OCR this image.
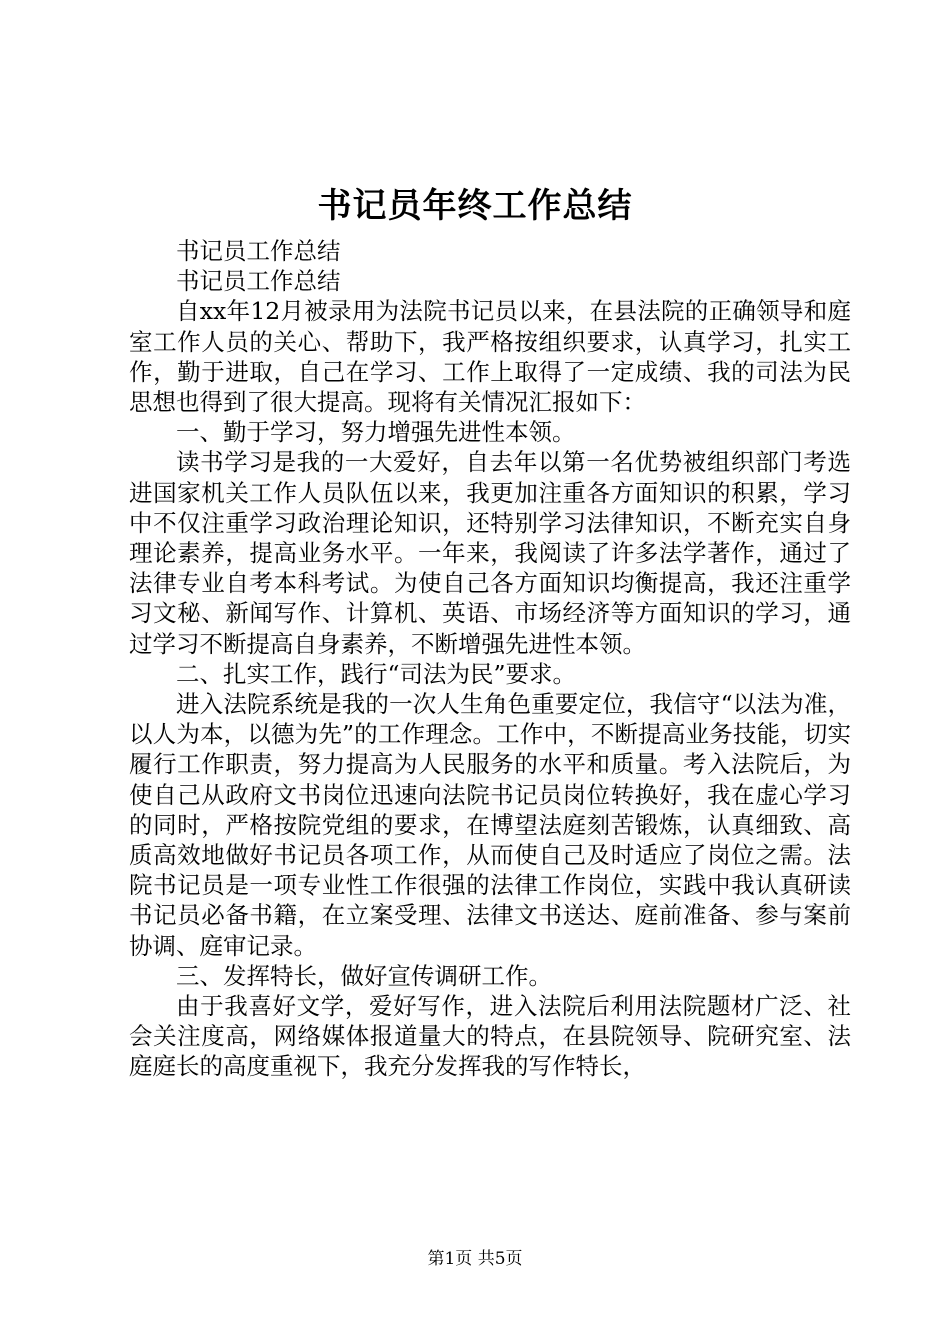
书记员年终工作总结

书记员工作总结

书记员工作总结

自xx年12月被录用为法院书记员以来，在县法院的正确领导和庭室工作人员的关心、帮助下，我严格按组织要求，认真学习，扎实工作，勤于进取，自己在学习、工作上取得了一定成绩、我的司法为民思想也得到了很大提高。现将有关情况汇报如下：

一、勤于学习，努力增强先进性本领。

读书学习是我的一大爱好，自去年以第一名优势被组织部门考选进国家机关工作人员队伍以来，我更加注重各方面知识的积累，学习中不仅注重学习政治理论知识，还特别学习法律知识，不断充实自身理论素养，提高业务水平。一年来，我阅读了许多法学著作，通过了法律专业自考本科考试。为使自己各方面知识均衡提高，我还注重学习文秘、新闻写作、计算机、英语、市场经济等方面知识的学习，通过学习不断提高自身素养，不断增强先进性本领。

二、扎实工作，践行“司法为民”要求。

进入法院系统是我的一次人生角色重要定位，我信守“以法为准，以人为本，以德为先”的工作理念。工作中，不断提高业务技能，切实履行工作职责，努力提高为人民服务的水平和质量。考入法院后，为使自己从政府文书岗位迅速向法院书记员岗位转换好，我在虚心学习的同时，严格按院党组的要求，在博望法庭刻苦锻炼，认真细致、高质高效地做好书记员各项工作，从而使自己及时适应了岗位之需。法院书记员是一项专业性工作很强的法律工作岗位，实践中我认真研读书记员必备书籍，在立案受理、法律文书送达、庭前准备、参与案前协调、庭审记录。

三、发挥特长，做好宣传调研工作。

由于我喜好文学，爱好写作，进入法院后利用法院题材广泛、社会关注度高，网络媒体报道量大的特点，在县院领导、院研究室、法庭庭长的高度重视下，我充分发挥我的写作特长，

第1页 共5页
